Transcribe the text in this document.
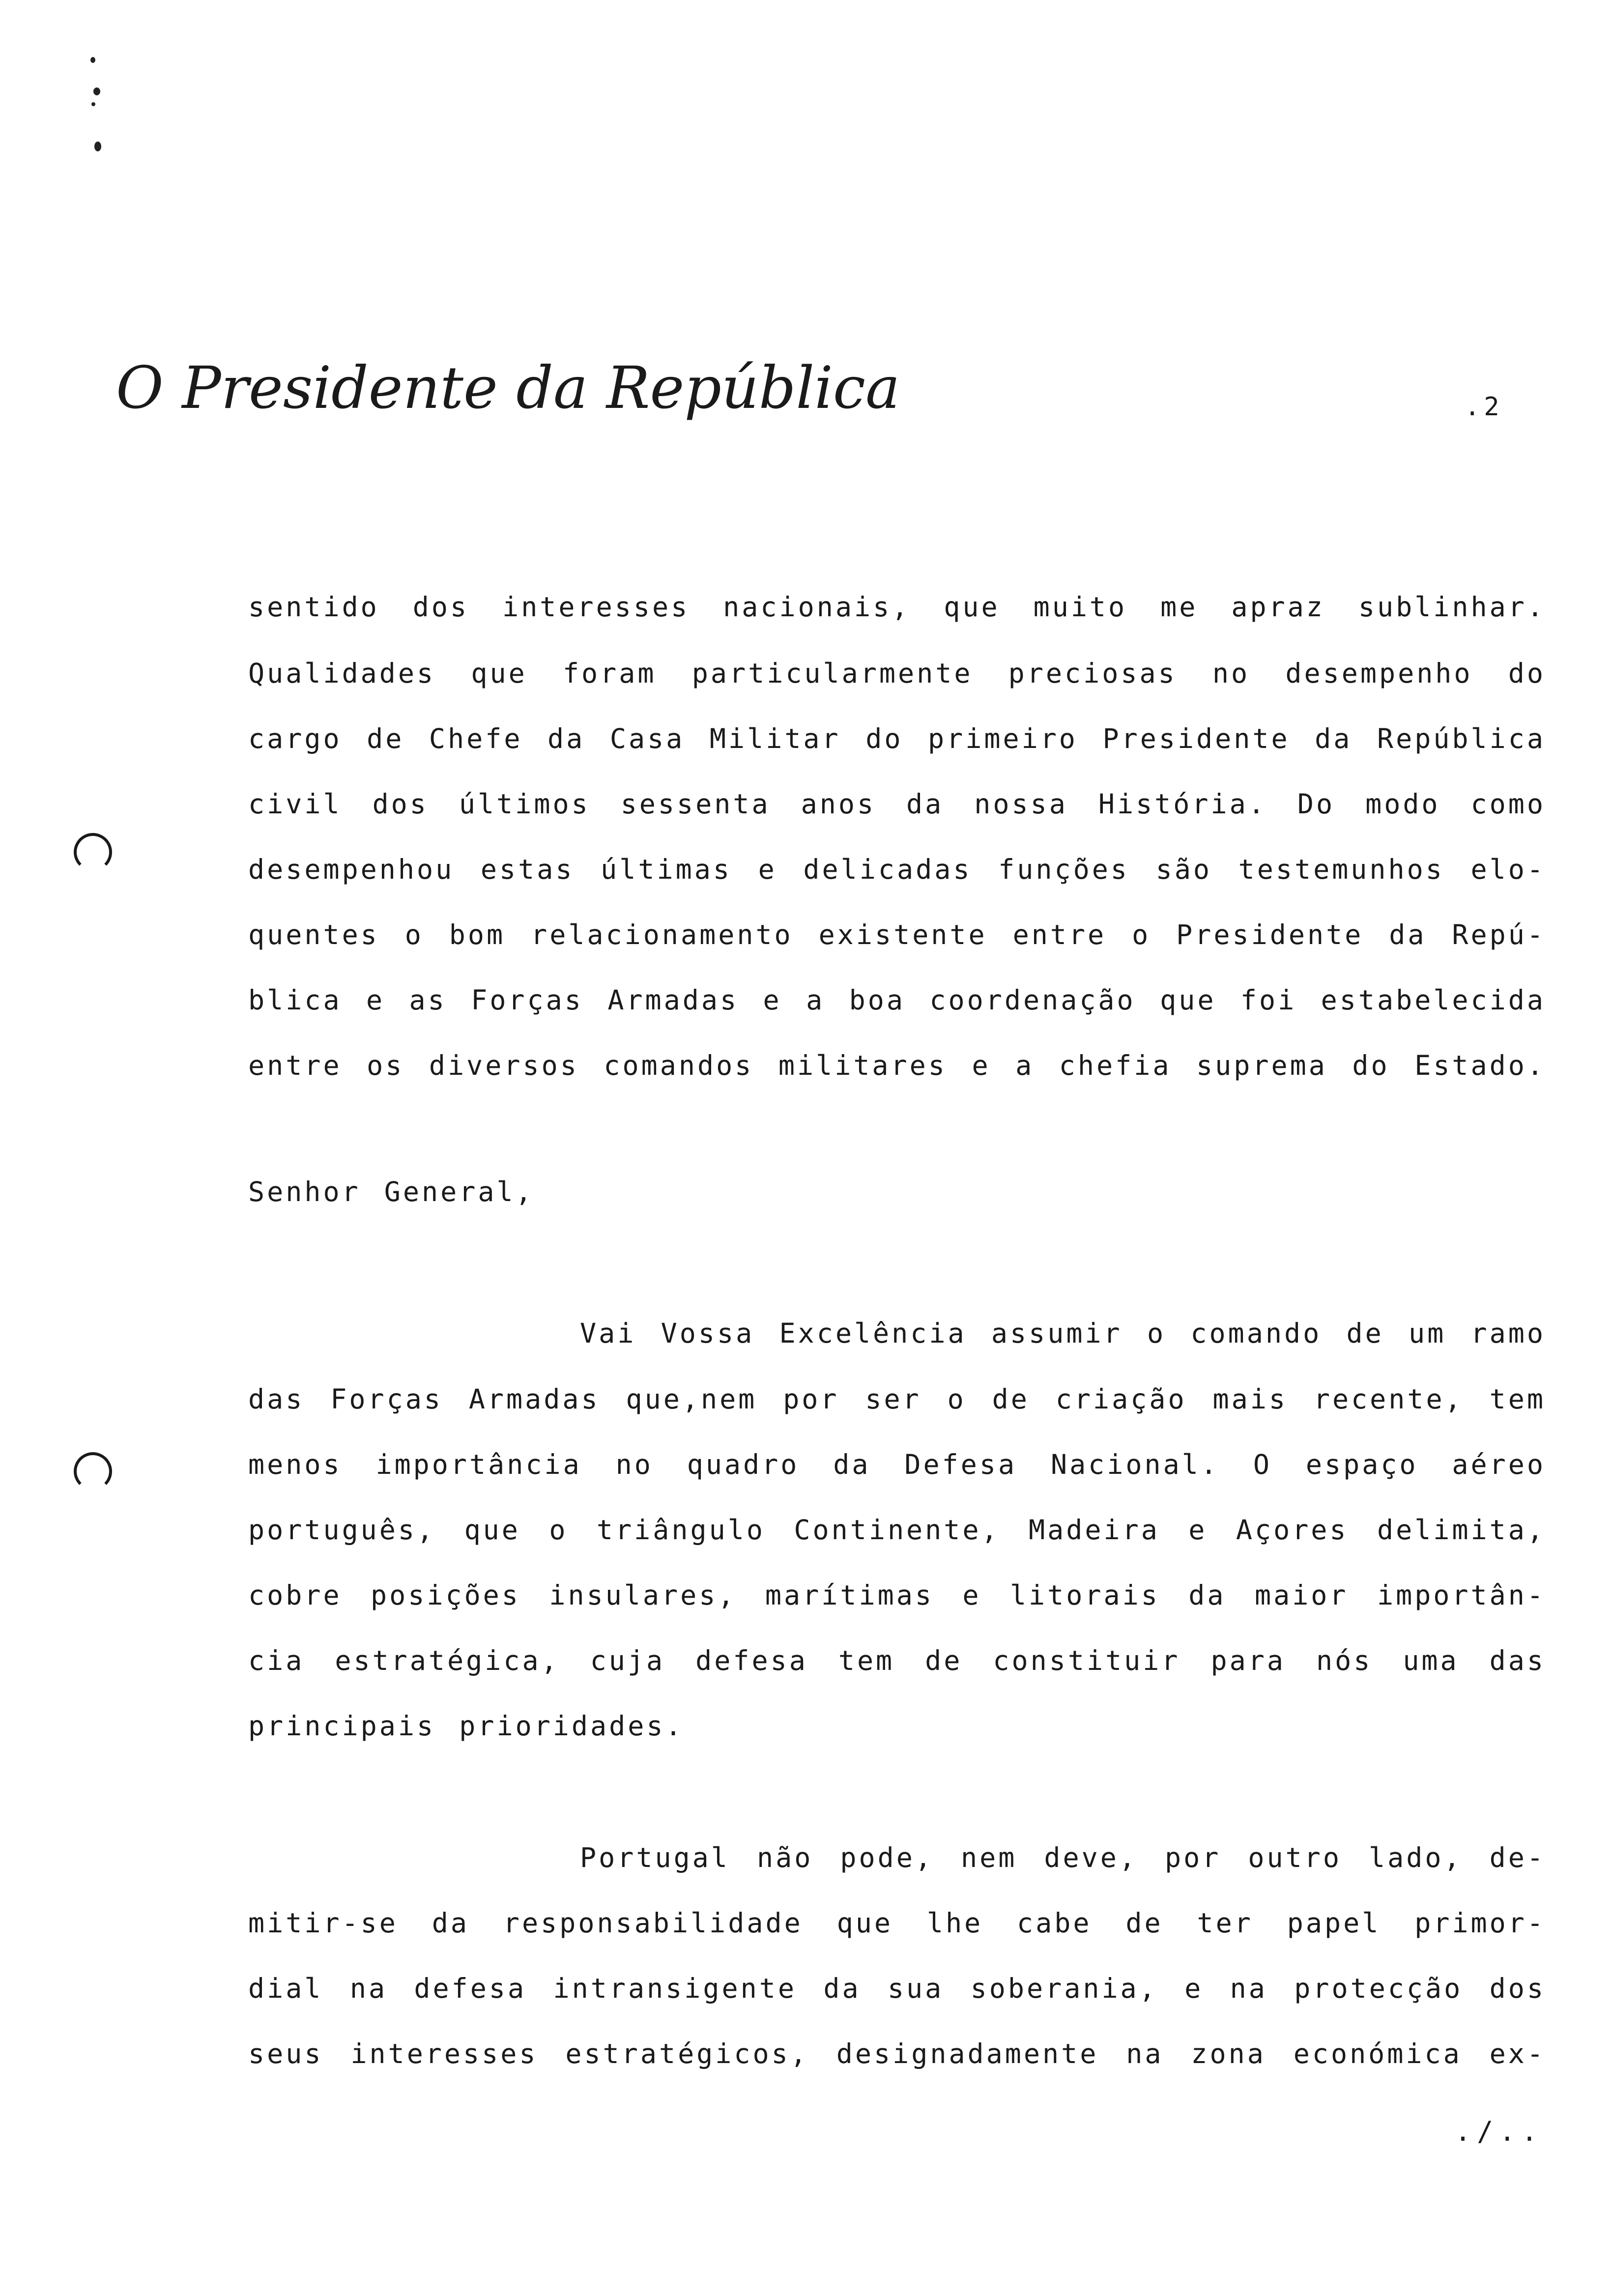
O Presidente da República	.2
sentido dos interesses nacionais, que muito me apraz sublinhar.
Qualidades que foram particularmente preciosas no desempenho do
cargo de Chefe da Casa Militar do primeiro Presidente da República
civil dos últimos sessenta anos da nossa História. Do modo como
desempenhou estas últimas e delicadas funções são testemunhos elo-
quentes o bom relacionamento existente entre o Presidente da Repú-
blica e as Forças Armadas e a boa coordenação que foi estabelecida
entre os diversos comandos militares e a chefia suprema do Estado.
Senhor General,
Vai Vossa Excelência assumir o comando de um ramo
das Forças Armadas que,nem por ser o de criação mais recente, tem
menos importância no quadro da Defesa Nacional. O espaço aéreo
português, que o triângulo Continente, Madeira e Açores delimita,
cobre posições insulares, marítimas e litorais da maior importân-
cia estratégica, cuja defesa tem de constituir para nós uma das
principais prioridades.
Portugal não pode, nem deve, por outro lado, de-
mitir-se da responsabilidade que lhe cabe de ter papel primor-
dial na defesa intransigente da sua soberania, e na protecção dos
seus interesses estratégicos, designadamente na zona económica ex-
./..
